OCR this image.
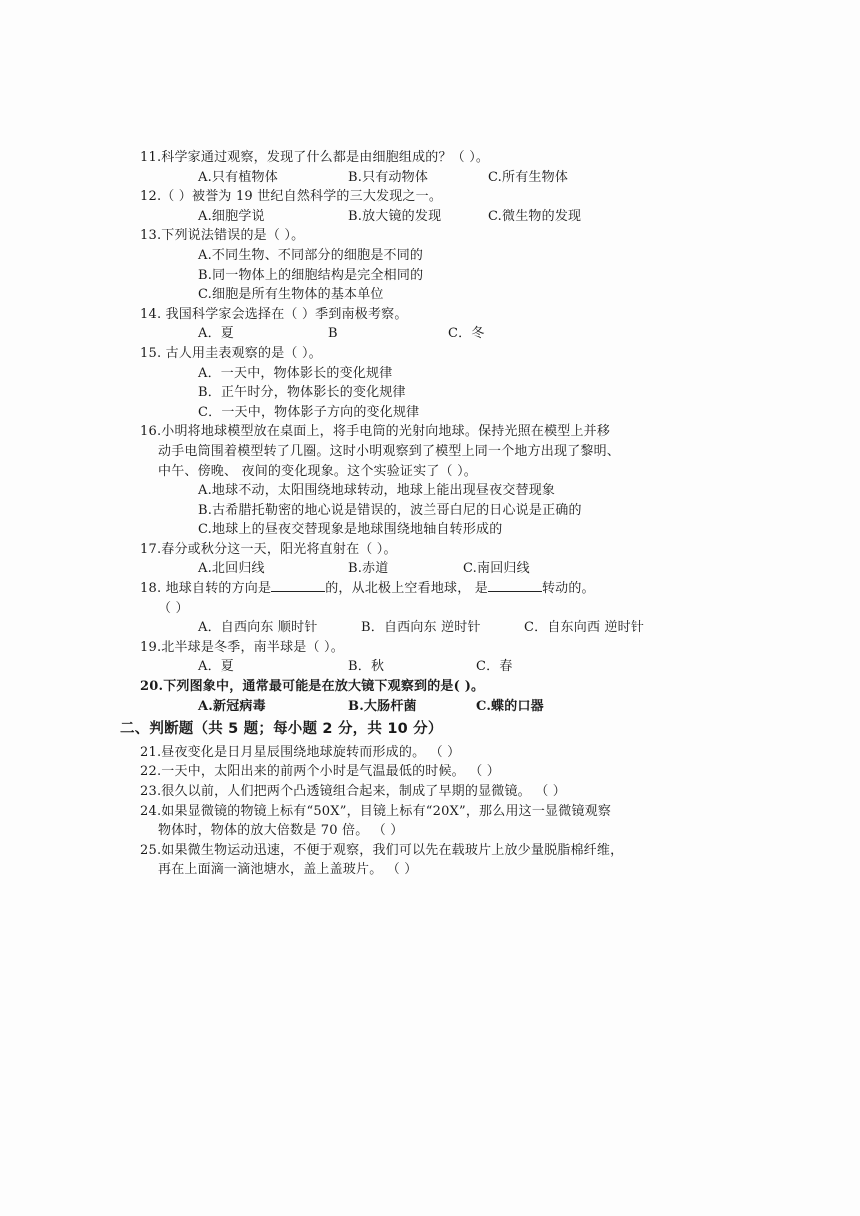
11.科学家通过观察，发现了什么都是由细胞组成的？（ ）。
A.只有植物体	B.只有动物体	C.所有生物体
12.（ ）被誉为 19 世纪自然科学的三大发现之一。
A.细胞学说	B.放大镜的发现	C.微生物的发现
13.下列说法错误的是（ ）。
A.不同生物、不同部分的细胞是不同的
B.同一物体上的细胞结构是完全相同的
C.细胞是所有生物体的基本单位
14. 我国科学家会选择在（ ）季到南极考察。
A．夏	B	C．冬
15. 古人用圭表观察的是（ ）。
A．一天中，物体影长的变化规律
B．正午时分，物体影长的变化规律
C．一天中，物体影子方向的变化规律
16.小明将地球模型放在桌面上，将手电筒的光射向地球。保持光照在模型上并移
动手电筒围着模型转了几圈。这时小明观察到了模型上同一个地方出现了黎明、
中午、傍晚、 夜间的变化现象。这个实验证实了（ ）。
A.地球不动，太阳围绕地球转动，地球上能出现昼夜交替现象
B.古希腊托勒密的地心说是错误的，波兰哥白尼的日心说是正确的
C.地球上的昼夜交替现象是地球围绕地轴自转形成的
17.春分或秋分这一天，阳光将直射在（ ）。
A.北回归线	B.赤道	C.南回归线
18. 地球自转的方向是	的，从北极上空看地球， 是	转动的。
（ ）
A．自西向东 顺时针	B．自西向东 逆时针	C．自东向西 逆时针
19.北半球是冬季，南半球是（ ）。
A．夏	B．秋	C．春
20.下列图象中，通常最可能是在放大镜下观察到的是( )。
A.新冠病毒	B.大肠杆菌	C.蝶的口器
二、判断题（共 5 题；每小题 2 分，共 10 分）
21.昼夜变化是日月星辰围绕地球旋转而形成的。 （ ）
22.一天中，太阳出来的前两个小时是气温最低的时候。 （ ）
23.很久以前，人们把两个凸透镜组合起来，制成了早期的显微镜。 （ ）
24.如果显微镜的物镜上标有“50X”，目镜上标有“20X”，那么用这一显微镜观察
物体时，物体的放大倍数是 70 倍。 （ ）
25.如果微生物运动迅速，不便于观察，我们可以先在载玻片上放少量脱脂棉纤维，
再在上面滴一滴池塘水，盖上盖玻片。 （ ）
